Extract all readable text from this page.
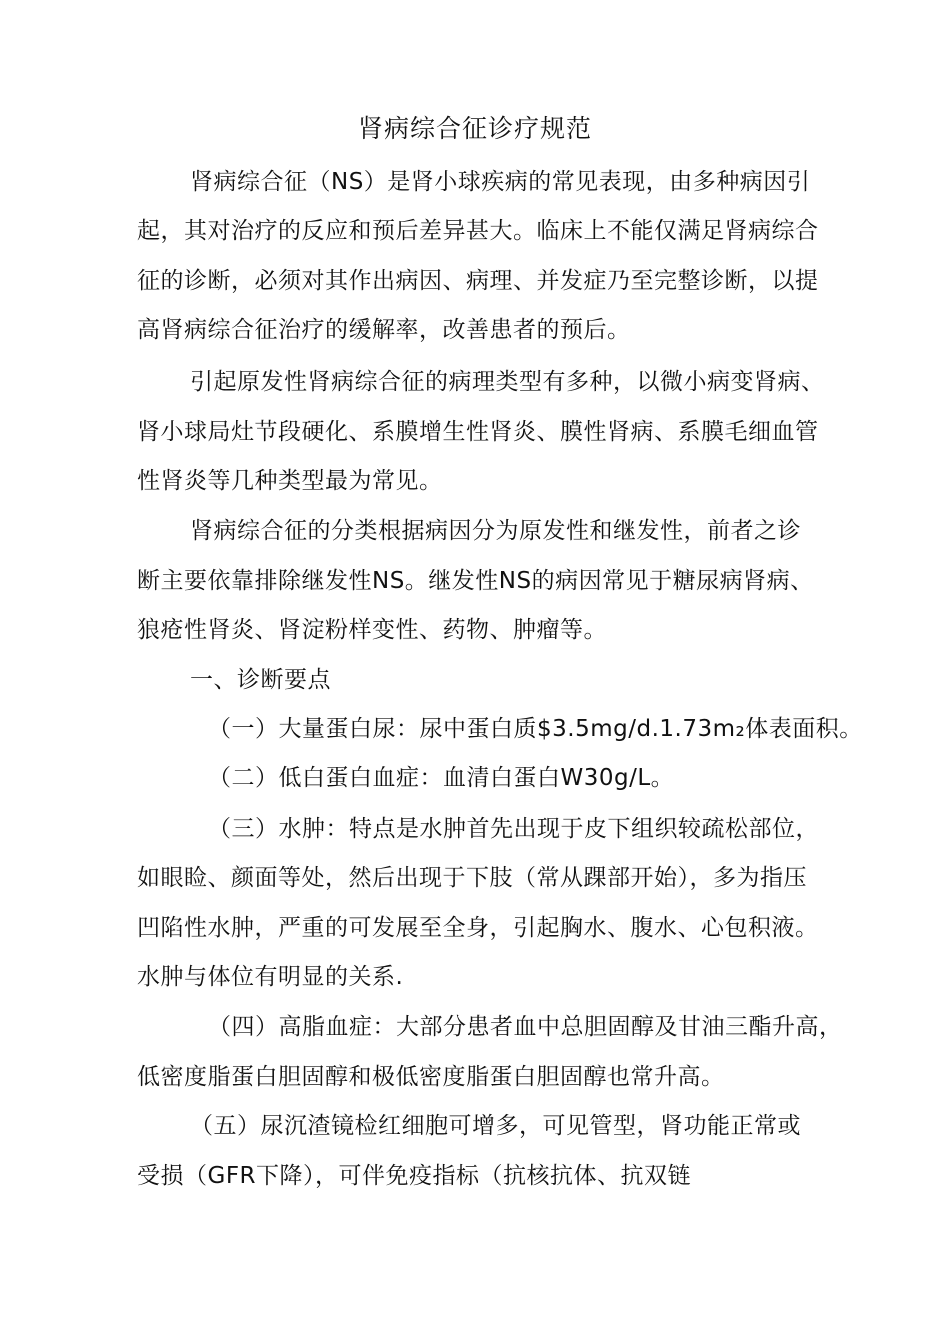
肾病综合征诊疗规范
肾病综合征（NS）是肾小球疾病的常见表现，由多种病因引
起，其对治疗的反应和预后差异甚大。临床上不能仅满足肾病综合
征的诊断，必须对其作出病因、病理、并发症乃至完整诊断，以提
高肾病综合征治疗的缓解率，改善患者的预后。
引起原发性肾病综合征的病理类型有多种，以微小病变肾病、
肾小球局灶节段硬化、系膜增生性肾炎、膜性肾病、系膜毛细血管
性肾炎等几种类型最为常见。
肾病综合征的分类根据病因分为原发性和继发性，前者之诊
断主要依靠排除继发性NS。继发性NS的病因常见于糖尿病肾病、
狼疮性肾炎、肾淀粉样变性、药物、肿瘤等。
一、诊断要点
（一）大量蛋白尿：尿中蛋白质$3.5mg/d.1.73m₂体表面积。
（二）低白蛋白血症：血清白蛋白W30g/L。
（三）水肿：特点是水肿首先出现于皮下组织较疏松部位，
如眼睑、颜面等处，然后出现于下肢（常从踝部开始），多为指压
凹陷性水肿，严重的可发展至全身，引起胸水、腹水、心包积液。
水肿与体位有明显的关系.
（四）高脂血症：大部分患者血中总胆固醇及甘油三酯升高，
低密度脂蛋白胆固醇和极低密度脂蛋白胆固醇也常升高。
（五）尿沉渣镜检红细胞可增多，可见管型，肾功能正常或
受损（GFR下降），可伴免疫指标（抗核抗体、抗双链
